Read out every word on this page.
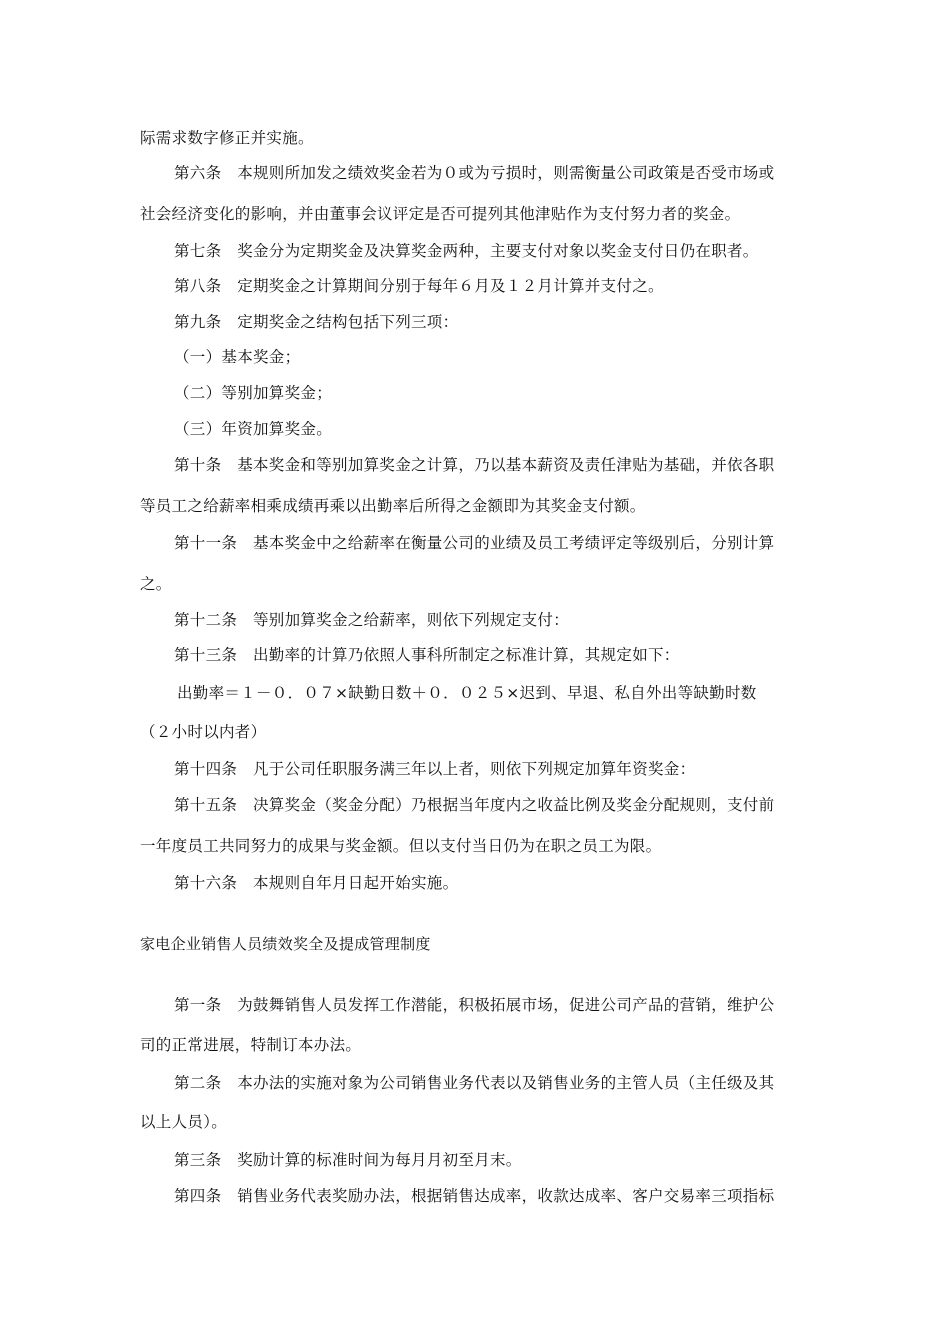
际需求数字修正并实施。
第六条　本规则所加发之绩效奖金若为０或为亏损时，则需衡量公司政策是否受市场或
社会经济变化的影响，并由董事会议评定是否可提列其他津贴作为支付努力者的奖金。
第七条　奖金分为定期奖金及决算奖金两种，主要支付对象以奖金支付日仍在职者。
第八条　定期奖金之计算期间分别于每年６月及１２月计算并支付之。
第九条　定期奖金之结构包括下列三项：
（一）基本奖金；
（二）等别加算奖金；
（三）年资加算奖金。
第十条　基本奖金和等别加算奖金之计算，乃以基本薪资及责任津贴为基础，并依各职
等员工之给薪率相乘成绩再乘以出勤率后所得之金额即为其奖金支付额。
第十一条　基本奖金中之给薪率在衡量公司的业绩及员工考绩评定等级别后，分别计算
之。
第十二条　等别加算奖金之给薪率，则依下列规定支付：
第十三条　出勤率的计算乃依照人事科所制定之标准计算，其规定如下：
出勤率＝１－０．０７×缺勤日数＋０．０２５×迟到、早退、私自外出等缺勤时数
（２小时以内者）
第十四条　凡于公司任职服务满三年以上者，则依下列规定加算年资奖金：
第十五条　决算奖金（奖金分配）乃根据当年度内之收益比例及奖金分配规则，支付前
一年度员工共同努力的成果与奖金额。但以支付当日仍为在职之员工为限。
第十六条　本规则自年月日起开始实施。
家电企业销售人员绩效奖全及提成管理制度
第一条　为鼓舞销售人员发挥工作潜能，积极拓展市场，促进公司产品的营销，维护公
司的正常进展，特制订本办法。
第二条　本办法的实施对象为公司销售业务代表以及销售业务的主管人员（主任级及其
以上人员）。
第三条　奖励计算的标准时间为每月月初至月末。
第四条　销售业务代表奖励办法，根据销售达成率，收款达成率、客户交易率三项指标
